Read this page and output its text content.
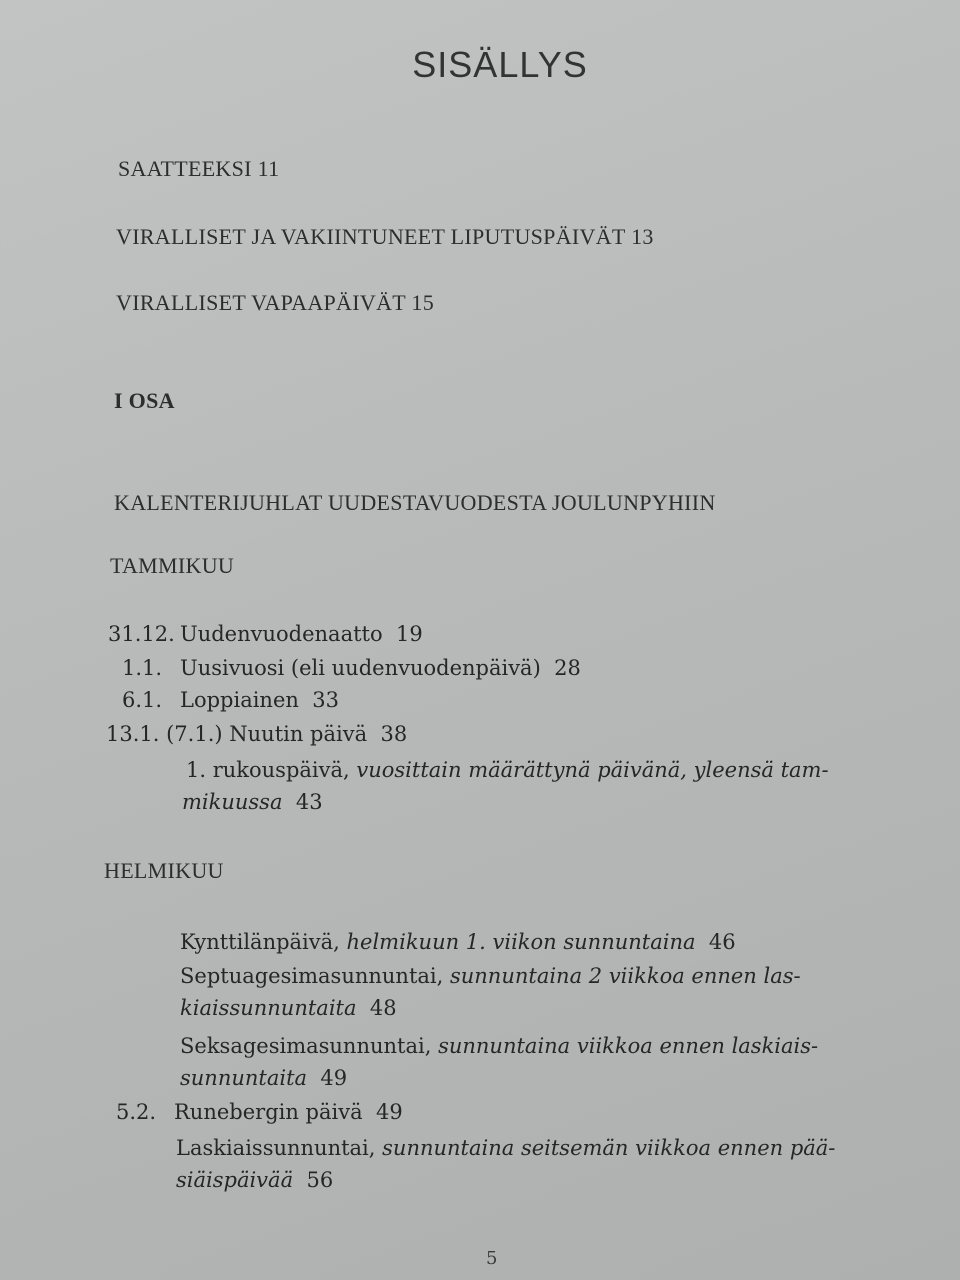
SISÄLLYS
SAATTEEKSI 11
VIRALLISET JA VAKIINTUNEET LIPUTUSPÄIVÄT 13
VIRALLISET VAPAAPÄIVÄT 15
I OSA
KALENTERIJUHLAT UUDESTAVUODESTA JOULUNPYHIIN
TAMMIKUU
31.12. Uudenvuodenaatto 19
1.1. Uusivuosi (eli uudenvuodenpäivä) 28
6.1. Loppiainen 33
13.1. (7.1.) Nuutin päivä 38
1. rukouspäivä, vuosittain määrättynä päivänä, yleensä tam-
mikuussa 43
HELMIKUU
Kynttilänpäivä, helmikuun 1. viikon sunnuntaina 46
Septuagesimasunnuntai, sunnuntaina 2 viikkoa ennen las-
kiaissunnuntaita 48
Seksagesimasunnuntai, sunnuntaina viikkoa ennen laskiais-
sunnuntaita 49
5.2. Runebergin päivä 49
Laskiaissunnuntai, sunnuntaina seitsemän viikkoa ennen pää-
siäispäivää 56
5
